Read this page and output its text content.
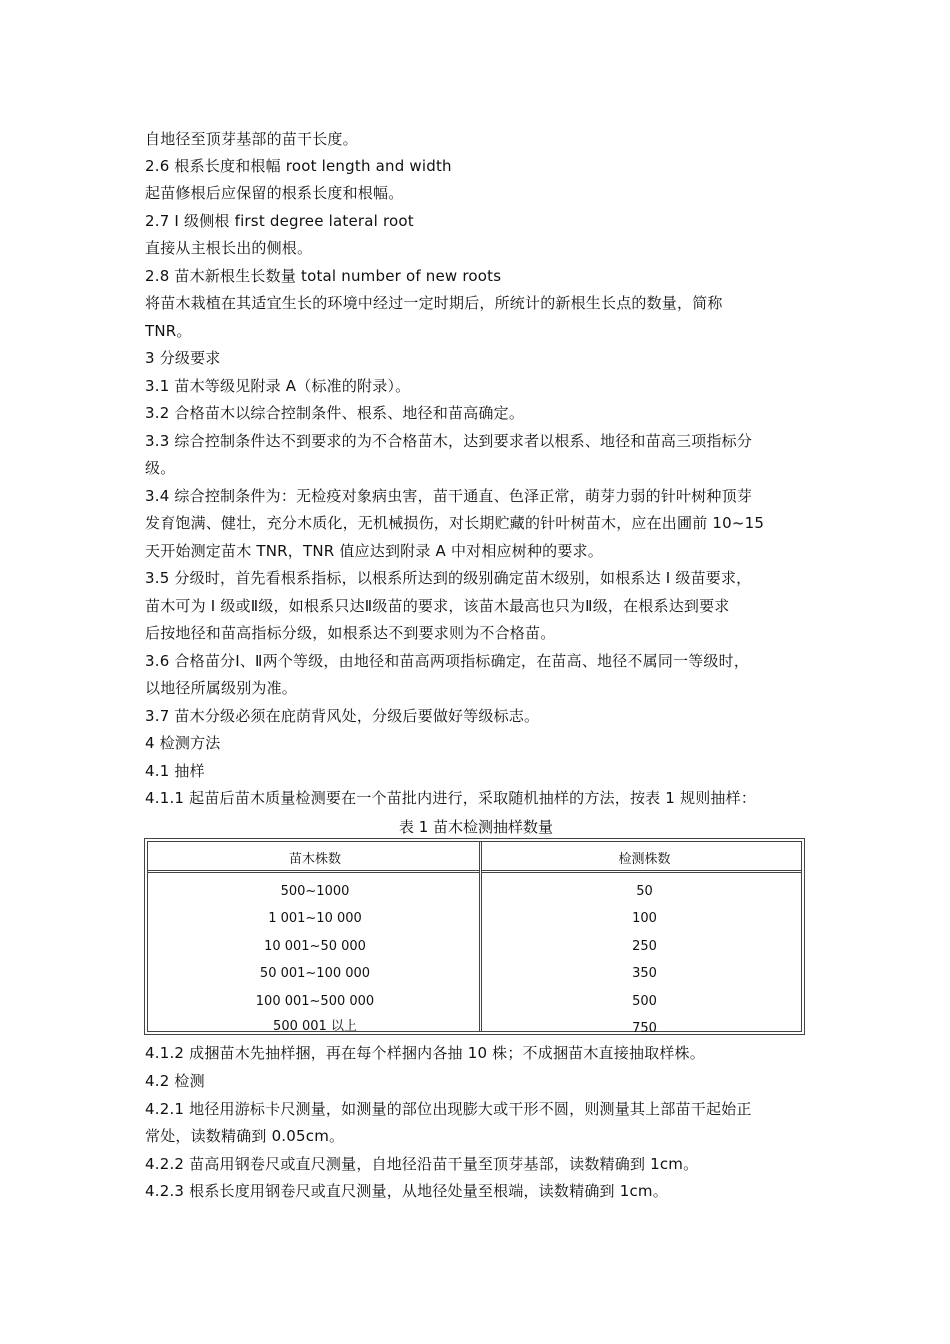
自地径至顶芽基部的苗干长度。
2.6 根系长度和根幅 root length and width
起苗修根后应保留的根系长度和根幅。
2.7 I 级侧根 first degree lateral root
直接从主根长出的侧根。
2.8 苗木新根生长数量 total number of new roots
将苗木栽植在其适宜生长的环境中经过一定时期后，所统计的新根生长点的数量，简称
TNR。
3 分级要求
3.1 苗木等级见附录 A（标准的附录）。
3.2 合格苗木以综合控制条件、根系、地径和苗高确定。
3.3 综合控制条件达不到要求的为不合格苗木，达到要求者以根系、地径和苗高三项指标分
级。
3.4 综合控制条件为：无检疫对象病虫害，苗干通直、色泽正常，萌芽力弱的针叶树种顶芽
发育饱满、健壮，充分木质化，无机械损伤，对长期贮藏的针叶树苗木，应在出圃前 10~15
天开始测定苗木 TNR，TNR 值应达到附录 A 中对相应树种的要求。
3.5 分级时，首先看根系指标，以根系所达到的级别确定苗木级别，如根系达 I 级苗要求，
苗木可为 I 级或Ⅱ级，如根系只达Ⅱ级苗的要求，该苗木最高也只为Ⅱ级，在根系达到要求
后按地径和苗高指标分级，如根系达不到要求则为不合格苗。
3.6 合格苗分Ⅰ、Ⅱ两个等级，由地径和苗高两项指标确定，在苗高、地径不属同一等级时，
以地径所属级别为准。
3.7 苗木分级必须在庇荫背风处，分级后要做好等级标志。
4 检测方法
4.1 抽样
4.1.1 起苗后苗木质量检测要在一个苗批内进行，采取随机抽样的方法，按表 1 规则抽样：
表 1 苗木检测抽样数量
苗木株数	检测株数
500~1000	50
1 001~10 000	100
10 001~50 000	250
50 001~100 000	350
100 001~500 000	500
500 001 以上	750
4.1.2 成捆苗木先抽样捆，再在每个样捆内各抽 10 株；不成捆苗木直接抽取样株。
4.2 检测
4.2.1 地径用游标卡尺测量，如测量的部位出现膨大或干形不圆，则测量其上部苗干起始正
常处，读数精确到 0.05cm。
4.2.2 苗高用钢卷尺或直尺测量，自地径沿苗干量至顶芽基部，读数精确到 1cm。
4.2.3 根系长度用钢卷尺或直尺测量，从地径处量至根端，读数精确到 1cm。
